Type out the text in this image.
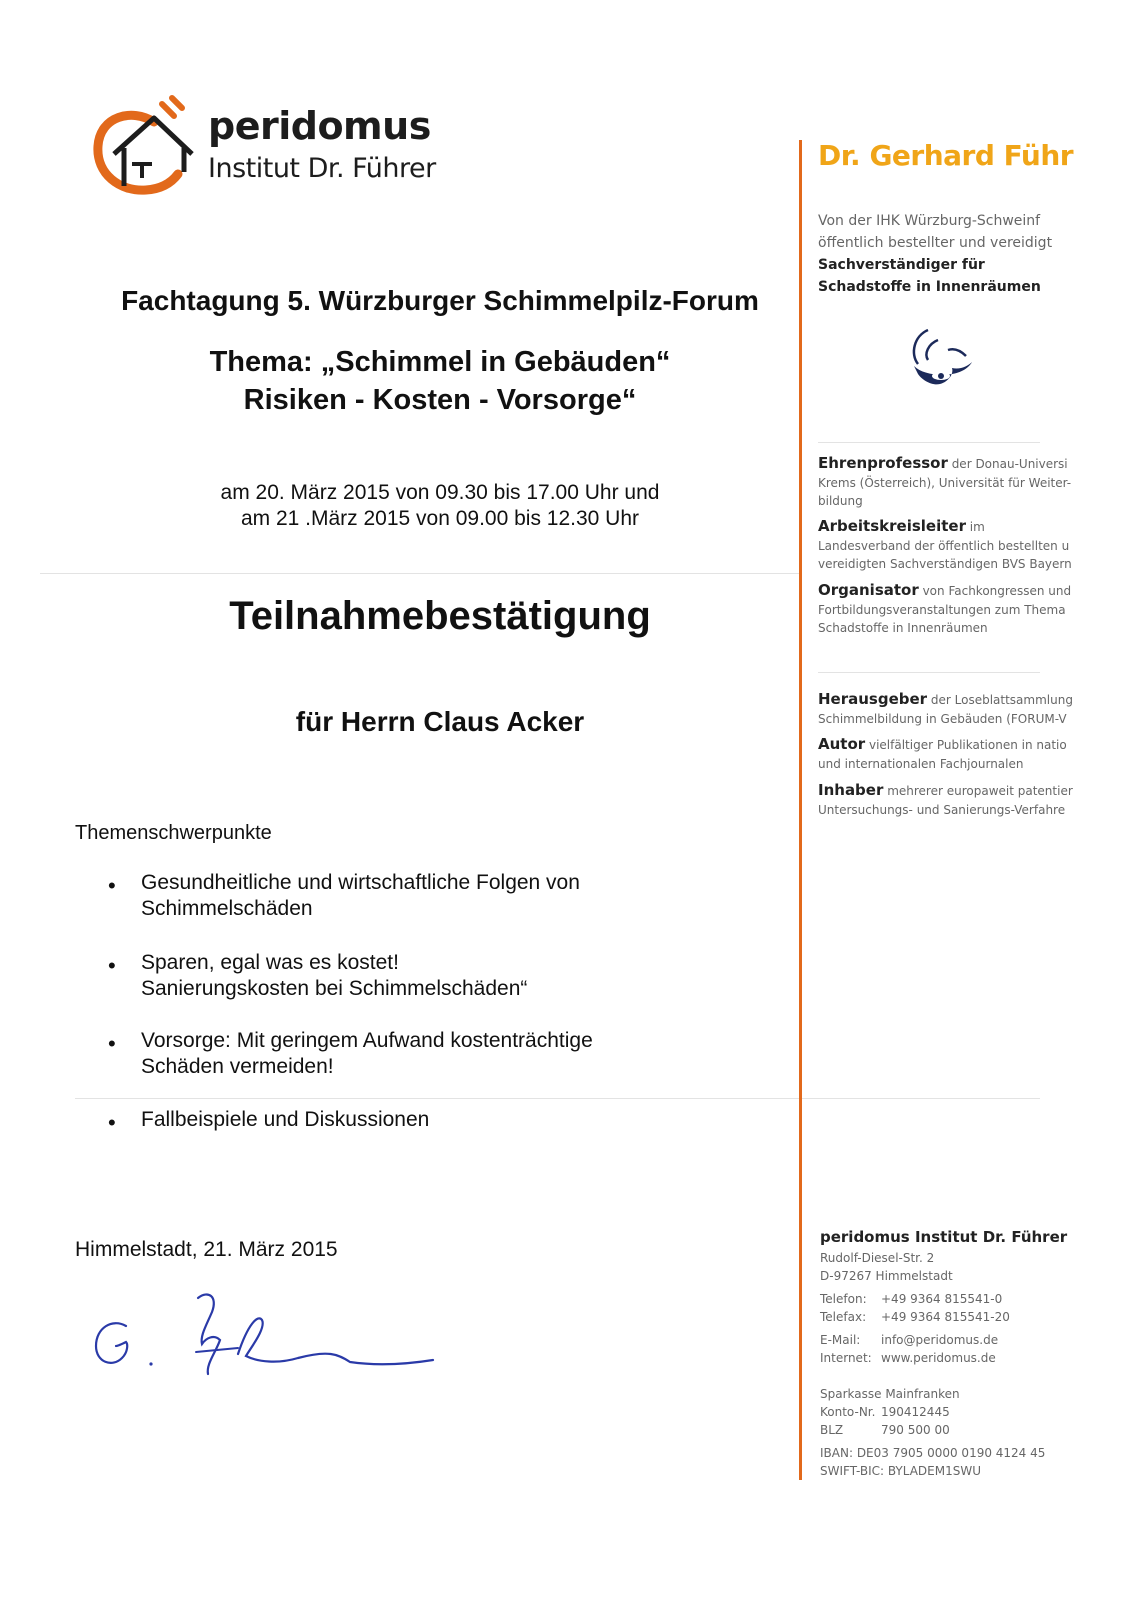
peridomus
Institut Dr. Führer
Fachtagung 5. Würzburger Schimmelpilz-Forum
Thema: „Schimmel in Gebäuden“
Risiken - Kosten - Vorsorge“
am 20. März 2015 von 09.30 bis 17.00 Uhr und
am 21 .März 2015 von 09.00 bis 12.30 Uhr
Teilnahmebestätigung
für Herrn Claus Acker
Themenschwerpunkte
• Gesundheitliche und wirtschaftliche Folgen von
Schimmelschäden
• Sparen, egal was es kostet!
Sanierungskosten bei Schimmelschäden“
• Vorsorge: Mit geringem Aufwand kostenträchtige
Schäden vermeiden!
• Fallbeispiele und Diskussionen
Himmelstadt, 21. März 2015
Dr. Gerhard Führ
Von der IHK Würzburg-Schweinf
öffentlich bestellter und vereidigt
Sachverständiger für
Schadstoffe in Innenräumen
Ehrenprofessor der Donau-Universi
Krems (Österreich), Universität für Weiter-
bildung
Arbeitskreisleiter im
Landesverband der öffentlich bestellten u
vereidigten Sachverständigen BVS Bayern
Organisator von Fachkongressen und
Fortbildungsveranstaltungen zum Thema
Schadstoffe in Innenräumen
Herausgeber der Loseblattsammlung
Schimmelbildung in Gebäuden (FORUM-V
Autor vielfältiger Publikationen in natio
und internationalen Fachjournalen
Inhaber mehrerer europaweit patentier
Untersuchungs- und Sanierungs-Verfahre
peridomus Institut Dr. Führer
Rudolf-Diesel-Str. 2
D-97267 Himmelstadt
Telefon:	+49 9364 815541-0
Telefax:	+49 9364 815541-20
E-Mail:	info@peridomus.de
Internet: www.peridomus.de
Sparkasse Mainfranken
Konto-Nr. 190412445
BLZ	790 500 00
IBAN: DE03 7905 0000 0190 4124 45
SWIFT-BIC: BYLADEM1SWU
